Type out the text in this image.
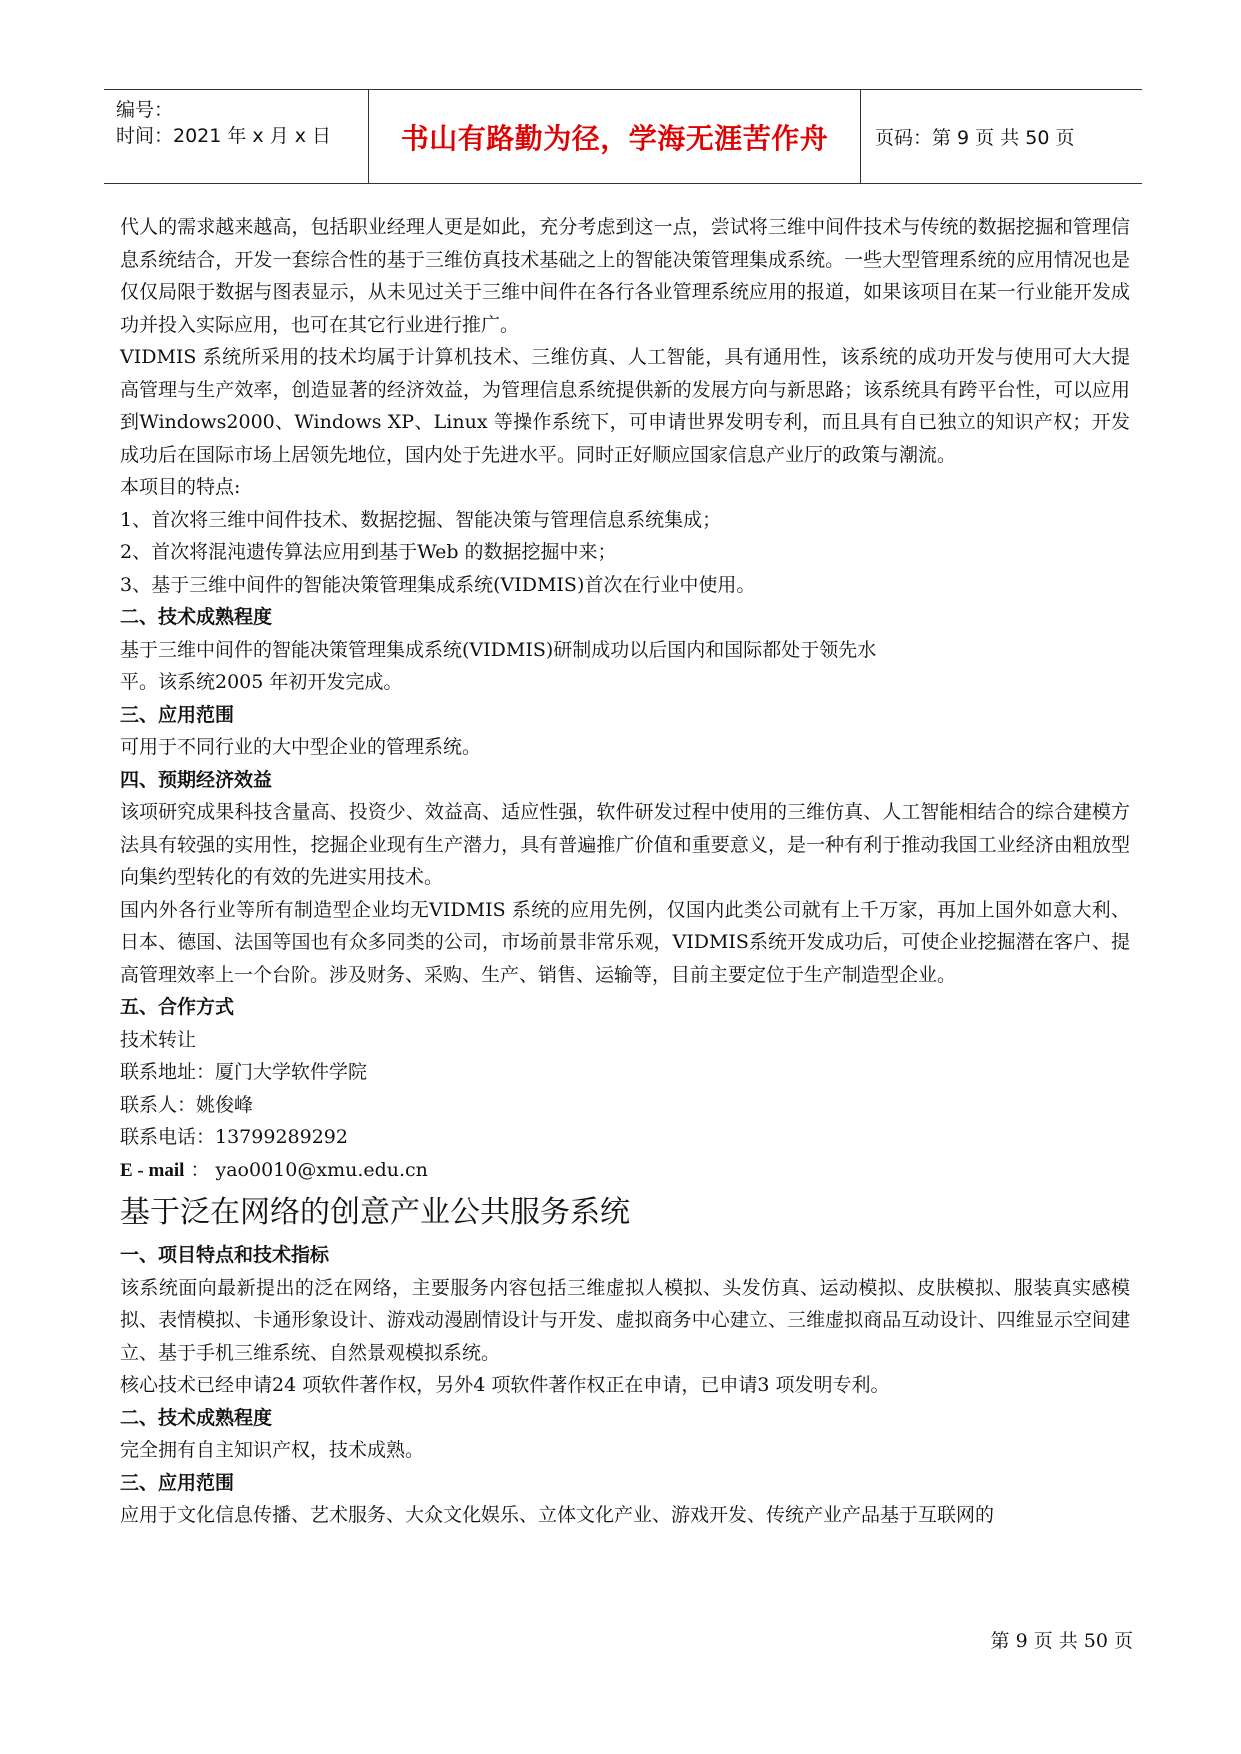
编号：
时间：2021 年 x 月 x 日	书山有路勤为径，学海无涯苦作舟	页码：第 9 页 共 50 页

代人的需求越来越高，包括职业经理人更是如此，充分考虑到这一点，尝试将三维中间件技术与传统的数据挖掘和管理信息系统结合，开发一套综合性的基于三维仿真技术基础之上的智能决策管理集成系统。一些大型管理系统的应用情况也是仅仅局限于数据与图表显示，从未见过关于三维中间件在各行各业管理系统应用的报道，如果该项目在某一行业能开发成功并投入实际应用，也可在其它行业进行推广。

VIDMIS 系统所采用的技术均属于计算机技术、三维仿真、人工智能，具有通用性，该系统的成功开发与使用可大大提高管理与生产效率，创造显著的经济效益，为管理信息系统提供新的发展方向与新思路；该系统具有跨平台性，可以应用到Windows2000、Windows XP、Linux 等操作系统下，可申请世界发明专利，而且具有自已独立的知识产权；开发成功后在国际市场上居领先地位，国内处于先进水平。同时正好顺应国家信息产业厅的政策与潮流。

本项目的特点:

1、首次将三维中间件技术、数据挖掘、智能决策与管理信息系统集成；

2、首次将混沌遗传算法应用到基于Web 的数据挖掘中来；

3、基于三维中间件的智能决策管理集成系统(VIDMIS)首次在行业中使用。

二、技术成熟程度

基于三维中间件的智能决策管理集成系统(VIDMIS)研制成功以后国内和国际都处于领先水

平。该系统2005 年初开发完成。

三、应用范围

可用于不同行业的大中型企业的管理系统。

四、预期经济效益

该项研究成果科技含量高、投资少、效益高、适应性强，软件研发过程中使用的三维仿真、人工智能相结合的综合建模方法具有较强的实用性，挖掘企业现有生产潜力，具有普遍推广价值和重要意义，是一种有利于推动我国工业经济由粗放型向集约型转化的有效的先进实用技术。

国内外各行业等所有制造型企业均无VIDMIS 系统的应用先例，仅国内此类公司就有上千万家，再加上国外如意大利、日本、德国、法国等国也有众多同类的公司，市场前景非常乐观，VIDMIS系统开发成功后，可使企业挖掘潜在客户、提高管理效率上一个台阶。涉及财务、采购、生产、销售、运输等，目前主要定位于生产制造型企业。

五、合作方式

技术转让

联系地址：厦门大学软件学院

联系人：姚俊峰

联系电话：13799289292

E - mail ： yao0010@xmu.edu.cn

基于泛在网络的创意产业公共服务系统

一、项目特点和技术指标

该系统面向最新提出的泛在网络，主要服务内容包括三维虚拟人模拟、头发仿真、运动模拟、皮肤模拟、服装真实感模拟、表情模拟、卡通形象设计、游戏动漫剧情设计与开发、虚拟商务中心建立、三维虚拟商品互动设计、四维显示空间建立、基于手机三维系统、自然景观模拟系统。

核心技术已经申请24 项软件著作权，另外4 项软件著作权正在申请，已申请3 项发明专利。

二、技术成熟程度

完全拥有自主知识产权，技术成熟。

三、应用范围

应用于文化信息传播、艺术服务、大众文化娱乐、立体文化产业、游戏开发、传统产业产品基于互联网的

第 9 页 共 50 页
